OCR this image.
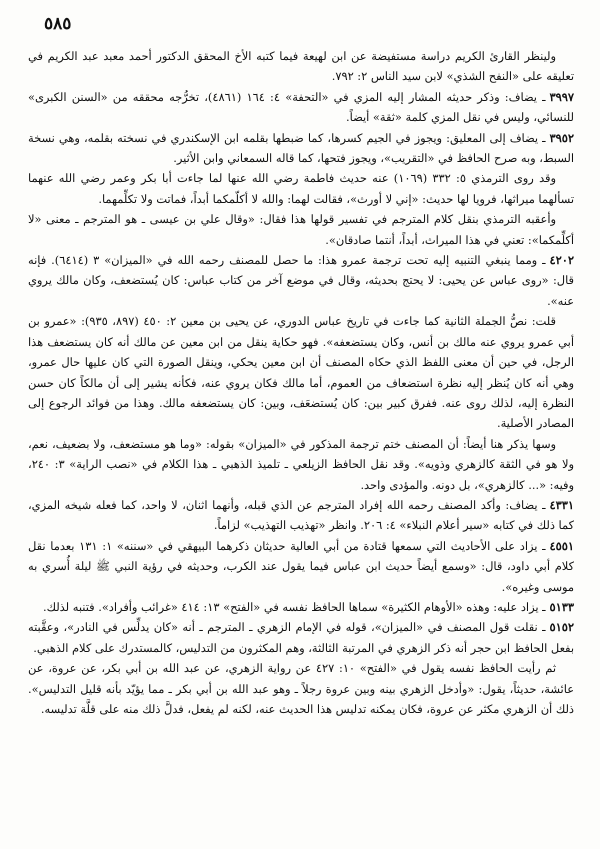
٥٨٥

ولينظر القارئ الكريم دراسة مستفيضة عن ابن لهيعة فيما كتبه الأخ المحقق الدكتور أحمد معبد عبد الكريم في تعليقه على «النفح الشذي» لابن سيد الناس ٢: ٧٩٢.

٣٩٩٧ـ يضاف: وذكر حديثه المشار إليه المزي في «التحفة» ٤: ١٦٤ (٤٨٦١)، تخرُّجه محققه من «السنن الكبرى» للنسائي، وليس في نقل المزي كلمة «ثقة» أيضاً.

٣٩٥٢ـ يضاف إلى المعليق: ويجوز في الجيم كسرها، كما ضبطها بقلمه ابن الإسكندري في نسخته بقلمه، وهي نسخة السبط، وبه صرح الحافظ في «التقريب»، ويجوز فتحها، كما قاله السمعاني وابن الأثير.

وقد روى الترمذي ٥: ٣٣٢ (١٠٦٩) عنه حديث فاطمة رضي الله عنها لما جاءت أبا بكر وعمر رضي الله عنهما تسألهما ميراثها، فرويا لها حديث: «إني لا أورث»، فقالت لهما: والله لا أكلّمكما أبداً، فماتت ولا تكلِّمهما.

وأعقبه الترمذي بنقل كلام المترجم في تفسير قولها هذا فقال: «وقال علي بن عيسى ـ هو المترجم ـ معنى «لا أكلِّمكما»: تعني في هذا الميراث، أبداً، أنتما صادقان».

٤٢٠٢ـ ومما ينبغي التنبيه إليه تحت ترجمة عمرو هذا: ما حصل للمصنف رحمه الله في «الميزان» ٣ (٦٤١٤). فإنه قال: «روى عباس عن يحيى: لا يحتج بحديثه، وقال في موضع آخر من كتاب عباس: كان يُستضعف، وكان مالك يروي عنه».

قلت: نصُّ الجملة الثانية كما جاءت في تاريخ عباس الدوري، عن يحيى بن معين ٢: ٤٥٠ (٨٩٧، ٩٣٥): «عمرو بن أبي عمرو يروي عنه مالك بن أنس، وكان يستضعفه». فهو حكاية ينقل من ابن معين عن مالك أنه كان يستضعف هذا الرجل، في حين أن معنى اللفظ الذي حكاه المصنف أن ابن معين يحكي، وينقل الصورة التي كان عليها حال عمرو، وهي أنه كان يُنظر إليه نظرة استضعاف من العموم، أما مالك فكان يروي عنه، فكأنه يشير إلى أن مالكاً كان حسن النظرة إليه، لذلك روى عنه. ففرق كبير بين: كان يُستضعَف، وبين: كان يستضعفه مالك. وهذا من فوائد الرجوع إلى المصادر الأصلية.

وسها يذكر هنا أيضاً: أن المصنف ختم ترجمة المذكور في «الميزان» بقوله: «وما هو مستضعف، ولا بضعيف، نعم، ولا هو في الثقة كالزهري وذويه». وقد نقل الحافظ الزيلعي ـ تلميذ الذهبي ـ هذا الكلام في «نصب الراية» ٣: ٢٤٠، وفيه: «... كالزهري»، بل دونه. والمؤدى واحد.

٤٣٣١ـ يضاف: وأكد المصنف رحمه الله إفراد المترجم عن الذي قبله، وأنهما اثنان، لا واحد، كما فعله شيخه المزي، كما ذلك في كتابه «سير أعلام النبلاء» ٤: ٢٠٦. وانظر «تهذيب التهذيب» لزاماً.

٤٥٥١ـ يزاد على الأحاديث التي سمعها قتادة من أبي العالية حديثان ذكرهما البيهقي في «سننه» ١: ١٣١ بعدما نقل كلام أبي داود، قال: «وسمع أيضاً حديث ابن عباس فيما يقول عند الكرب، وحديثه في رؤية النبي ﷺ ليلة أُسري به موسى وغيره».

٥١٣٣ـ يزاد عليه: وهذه «الأوهام الكثيرة» سماها الحافظ نفسه في «الفتح» ١٣: ٤١٤ «غرائب وأفراد». فتنبه لذلك.

٥١٥٢ـ نقلت قول المصنف في «الميزان»، قوله في الإمام الزهري ـ المترجم ـ أنه «كان يدلِّس في النادر»، وعقَّبته بفعل الحافظ ابن حجر أنه ذكر الزهري في المرتبة الثالثة، وهم المكثرون من التدليس، كالمستدرك على كلام الذهبي.

ثم رأيت الحافظ نفسه يقول في «الفتح» ١٠: ٤٢٧ عن رواية الزهري، عن عبد الله بن أبي بكر، عن عروة، عن عائشة، حديثاً، يقول: «وأدخل الزهري بينه وبين عروة رجلاً ـ وهو عبد الله بن أبي بكر ـ مما يؤيّد بأنه قليل التدليس». ذلك أن الزهري مكثر عن عروة، فكان يمكنه تدليس هذا الحديث عنه، لكنه لم يفعل، فدلَّ ذلك منه على قلَّة تدليسه.
